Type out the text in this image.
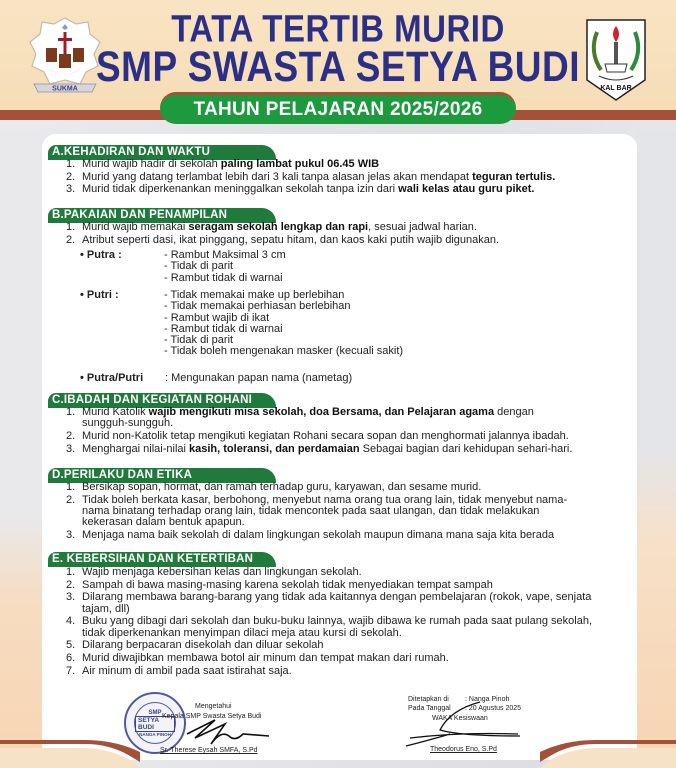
SUKMA
TATA TERTIB MURID
SMP SWASTA SETYA BUDI	KAL BAR
TAHUN PELAJARAN 2025/2026
A.KEHADIRAN DAN WAKTU
1. Murid wajib hadir di sekolah paling lambat pukul 06.45 WIB
2. Murid yang datang terlambat lebih dari 3 kali tanpa alasan jelas akan mendapat teguran tertulis.
3. Murid tidak diperkenankan meninggalkan sekolah tanpa izin dari wali kelas atau guru piket.
B.PAKAIAN DAN PENAMPILAN
1. Murid wajib memakai seragam sekolah lengkap dan rapi, sesuai jadwal harian.
2. Atribut seperti dasi, ikat pinggang, sepatu hitam, dan kaos kaki putih wajib digunakan.
• Putra :	- Rambut Maksimal 3 cm
- Tidak di parit
- Rambut tidak di warnai
• Putri :	- Tidak memakai make up berlebihan
- Tidak memakai perhiasan berlebihan
- Rambut wajib di ikat
- Rambut tidak di warnai
- Tidak di parit
- Tidak boleh mengenakan masker (kecuali sakit)
• Putra/Putri : Mengunakan papan nama (nametag)
C.IBADAH DAN KEGIATAN ROHANI
1. Murid Katolik wajib mengikuti misa sekolah, doa Bersama, dan Pelajaran agama dengan sungguh-sungguh.
2. Murid non-Katolik tetap mengikuti kegiatan Rohani secara sopan dan menghormati jalannya ibadah.
3. Menghargai nilai-nilai kasih, toleransi, dan perdamaian Sebagai bagian dari kehidupan sehari-hari.
D.PERILAKU DAN ETIKA
1. Bersikap sopan, hormat, dan ramah terhadap guru, karyawan, dan sesame murid.
2. Tidak boleh berkata kasar, berbohong, menyebut nama orang tua orang lain, tidak menyebut nama-nama binatang terhadap orang lain, tidak mencontek pada saat ulangan, dan tidak melakukan kekerasan dalam bentuk apapun.
3. Menjaga nama baik sekolah di dalam lingkungan sekolah maupun dimana mana saja kita berada
E. KEBERSIHAN DAN KETERTIBAN
1. Wajib menjaga kebersihan kelas dan lingkungan sekolah.
2. Sampah di bawa masing-masing karena sekolah tidak menyediakan tempat sampah
3. Dilarang membawa barang-barang yang tidak ada kaitannya dengan pembelajaran (rokok, vape, senjata tajam, dll)
4. Buku yang dibagi dari sekolah dan buku-buku lainnya, wajib dibawa ke rumah pada saat pulang sekolah, tidak diperkenankan menyimpan dilaci meja atau kursi di sekolah.
5. Dilarang berpacaran disekolah dan diluar sekolah
6. Murid diwajibkan membawa botol air minum dan tempat makan dari rumah.
7. Air minum di ambil pada saat istirahat saja.
SMP
SETYA BUDI
NANGA PINOH
Mengetahui
Kepala SMP Swasta Setya Budi
Sr. Therese Eysah SMFA, S.Pd
Ditetapkan di : Nanga Pinoh
Pada Tanggal : 20 Agustus 2025
WAKA Kesiswaan
Theodorus Eno, S.Pd
